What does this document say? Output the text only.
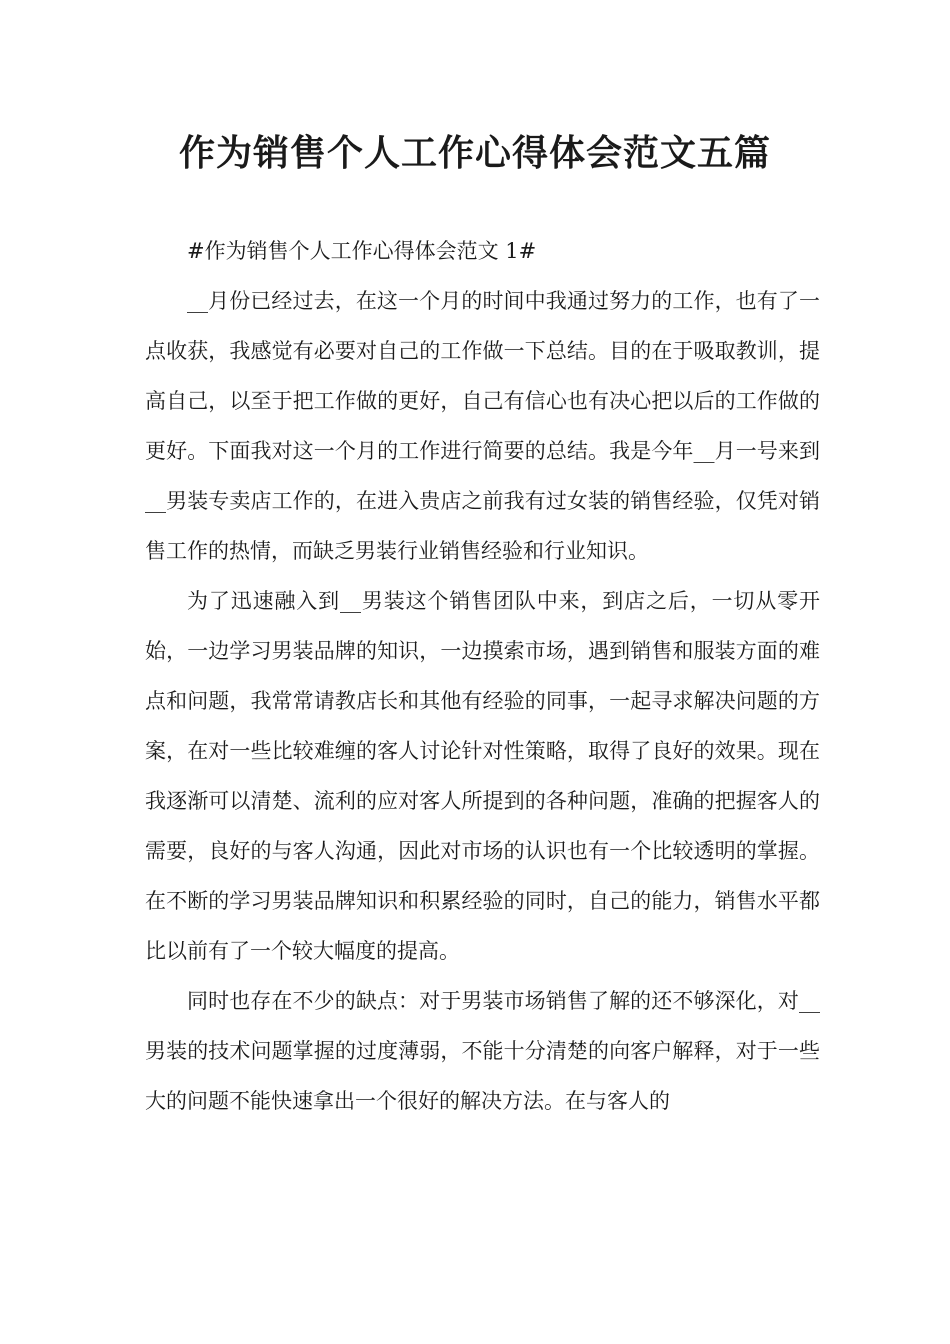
作为销售个人工作心得体会范文五篇

#作为销售个人工作心得体会范文 1#

__月份已经过去，在这一个月的时间中我通过努力的工作，也有了一点收获，我感觉有必要对自己的工作做一下总结。目的在于吸取教训，提高自己，以至于把工作做的更好，自己有信心也有决心把以后的工作做的更好。下面我对这一个月的工作进行简要的总结。我是今年__月一号来到__男装专卖店工作的，在进入贵店之前我有过女装的销售经验，仅凭对销售工作的热情，而缺乏男装行业销售经验和行业知识。

为了迅速融入到__男装这个销售团队中来，到店之后，一切从零开始，一边学习男装品牌的知识，一边摸索市场，遇到销售和服装方面的难点和问题，我常常请教店长和其他有经验的同事，一起寻求解决问题的方案，在对一些比较难缠的客人讨论针对性策略，取得了良好的效果。现在我逐渐可以清楚、流利的应对客人所提到的各种问题，准确的把握客人的需要，良好的与客人沟通，因此对市场的认识也有一个比较透明的掌握。在不断的学习男装品牌知识和积累经验的同时，自己的能力，销售水平都比以前有了一个较大幅度的提高。

同时也存在不少的缺点：对于男装市场销售了解的还不够深化，对__男装的技术问题掌握的过度薄弱，不能十分清楚的向客户解释，对于一些大的问题不能快速拿出一个很好的解决方法。在与客人的
